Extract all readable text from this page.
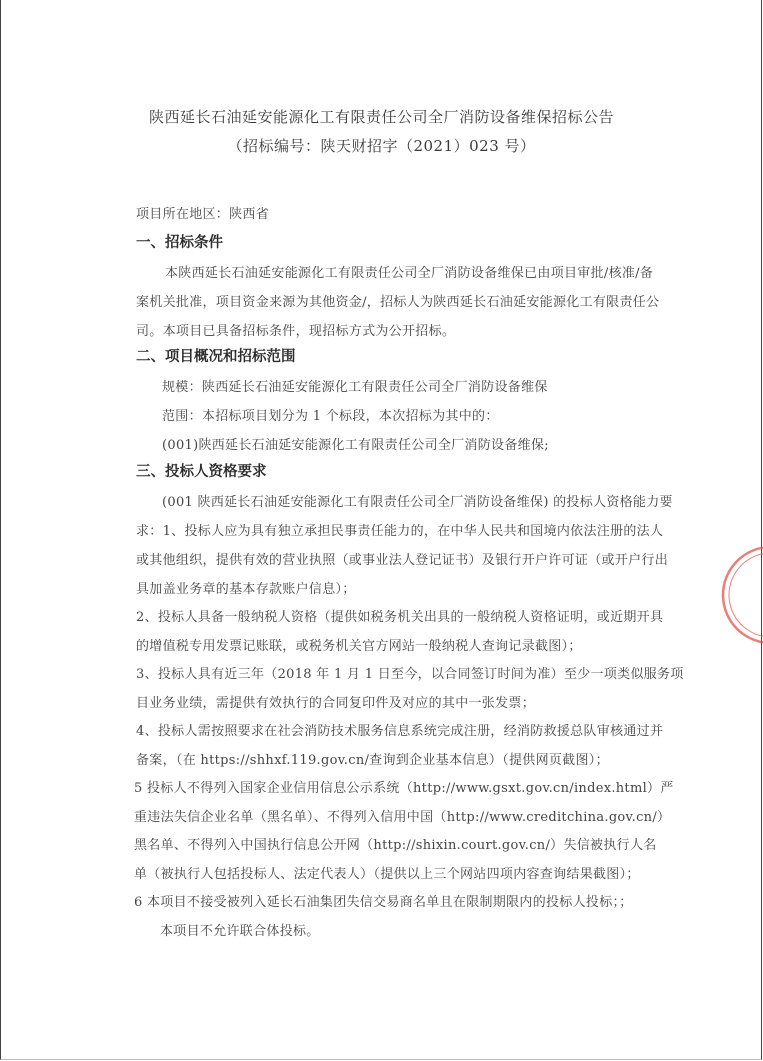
陕西延长石油延安能源化工有限责任公司全厂消防设备维保招标公告
（招标编号：陕天财招字（2021）023 号）
项目所在地区：陕西省
一、招标条件
本陕西延长石油延安能源化工有限责任公司全厂消防设备维保已由项目审批/核准/备
案机关批准，项目资金来源为其他资金/，招标人为陕西延长石油延安能源化工有限责任公
司。本项目已具备招标条件，现招标方式为公开招标。
二、项目概况和招标范围
规模：陕西延长石油延安能源化工有限责任公司全厂消防设备维保
范围：本招标项目划分为 1 个标段，本次招标为其中的：
(001)陕西延长石油延安能源化工有限责任公司全厂消防设备维保;
三、投标人资格要求
(001 陕西延长石油延安能源化工有限责任公司全厂消防设备维保) 的投标人资格能力要
求：1、投标人应为具有独立承担民事责任能力的，在中华人民共和国境内依法注册的法人
或其他组织，提供有效的营业执照（或事业法人登记证书）及银行开户许可证（或开户行出
具加盖业务章的基本存款账户信息）；
2、投标人具备一般纳税人资格（提供如税务机关出具的一般纳税人资格证明，或近期开具
的增值税专用发票记账联，或税务机关官方网站一般纳税人查询记录截图）；
3、投标人具有近三年（2018 年 1 月 1 日至今，以合同签订时间为准）至少一项类似服务项
目业务业绩，需提供有效执行的合同复印件及对应的其中一张发票；
4、投标人需按照要求在社会消防技术服务信息系统完成注册，经消防救援总队审核通过并
备案，（在 https://shhxf.119.gov.cn/查询到企业基本信息）（提供网页截图）；
5 投标人不得列入国家企业信用信息公示系统（http://www.gsxt.gov.cn/index.html）严
重违法失信企业名单（黑名单）、不得列入信用中国（http://www.creditchina.gov.cn/）
黑名单、不得列入中国执行信息公开网（http://shixin.court.gov.cn/）失信被执行人名
单（被执行人包括投标人、法定代表人）（提供以上三个网站四项内容查询结果截图）；
6 本项目不接受被列入延长石油集团失信交易商名单且在限制期限内的投标人投标；；
本项目不允许联合体投标。
